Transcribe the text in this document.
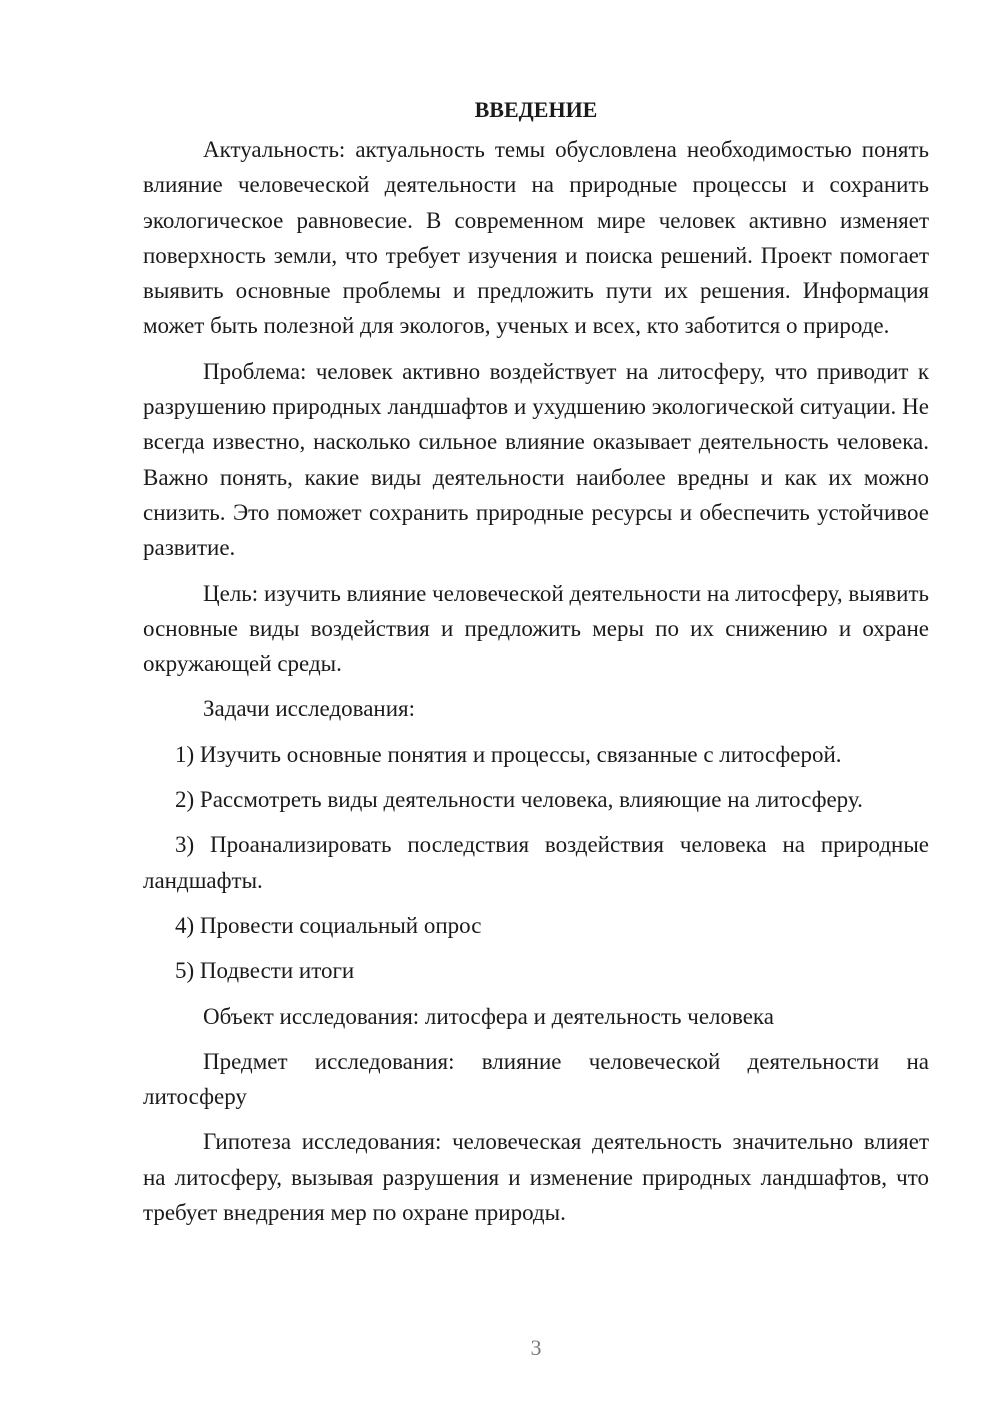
ВВЕДЕНИЕ

Актуальность: актуальность темы обусловлена необходимостью понять влияние человеческой деятельности на природные процессы и сохранить экологическое равновесие. В современном мире человек активно изменяет поверхность земли, что требует изучения и поиска решений. Проект помогает выявить основные проблемы и предложить пути их решения. Информация может быть полезной для экологов, ученых и всех, кто заботится о природе.

Проблема: человек активно воздействует на литосферу, что приводит к разрушению природных ландшафтов и ухудшению экологической ситуации. Не всегда известно, насколько сильное влияние оказывает деятельность человека. Важно понять, какие виды деятельности наиболее вредны и как их можно снизить. Это поможет сохранить природные ресурсы и обеспечить устойчивое развитие.

Цель: изучить влияние человеческой деятельности на литосферу, выявить основные виды воздействия и предложить меры по их снижению и охране окружающей среды.

Задачи исследования:

1) Изучить основные понятия и процессы, связанные с литосферой.

2) Рассмотреть виды деятельности человека, влияющие на литосферу.

3) Проанализировать последствия воздействия человека на природные ландшафты.

4) Провести социальный опрос

5) Подвести итоги

Объект исследования: литосфера и деятельность человека

Предмет исследования: влияние человеческой деятельности на литосферу

Гипотеза исследования: человеческая деятельность значительно влияет на литосферу, вызывая разрушения и изменение природных ландшафтов, что требует внедрения мер по охране природы.

3
